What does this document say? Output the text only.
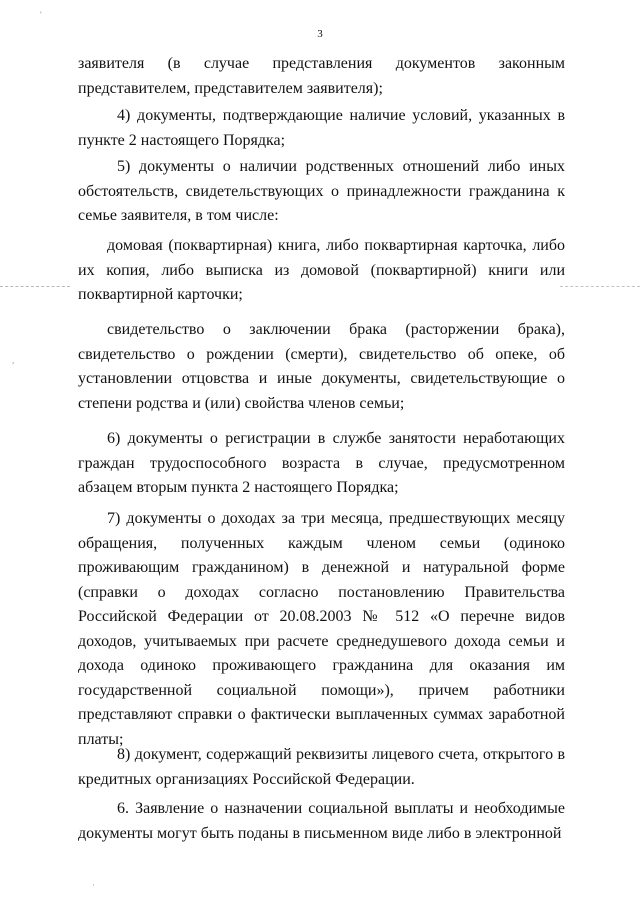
3

заявителя (в случае представления документов законным представителем, представителем заявителя);

4) документы, подтверждающие наличие условий, указанных в пункте 2 настоящего Порядка;

5) документы о наличии родственных отношений либо иных обстоятельств, свидетельствующих о принадлежности гражданина к семье заявителя, в том числе:

домовая (поквартирная) книга, либо поквартирная карточка, либо их копия, либо выписка из домовой (поквартирной) книги или поквартирной карточки;

свидетельство о заключении брака (расторжении брака), свидетельство о рождении (смерти), свидетельство об опеке, об установлении отцовства и иные документы, свидетельствующие о степени родства и (или) свойства членов семьи;

6) документы о регистрации в службе занятости неработающих граждан трудоспособного возраста в случае, предусмотренном абзацем вторым пункта 2 настоящего Порядка;

7) документы о доходах за три месяца, предшествующих месяцу обращения, полученных каждым членом семьи (одиноко проживающим гражданином) в денежной и натуральной форме (справки о доходах согласно постановлению Правительства Российской Федерации от 20.08.2003 № 512 «О перечне видов доходов, учитываемых при расчете среднедушевого дохода семьи и дохода одиноко проживающего гражданина для оказания им государственной социальной помощи»), причем работники представляют справки о фактически выплаченных суммах заработной платы;

8) документ, содержащий реквизиты лицевого счета, открытого в кредитных организациях Российской Федерации.

6. Заявление о назначении социальной выплаты и необходимые документы могут быть поданы в письменном виде либо в электронной

'
,
·
